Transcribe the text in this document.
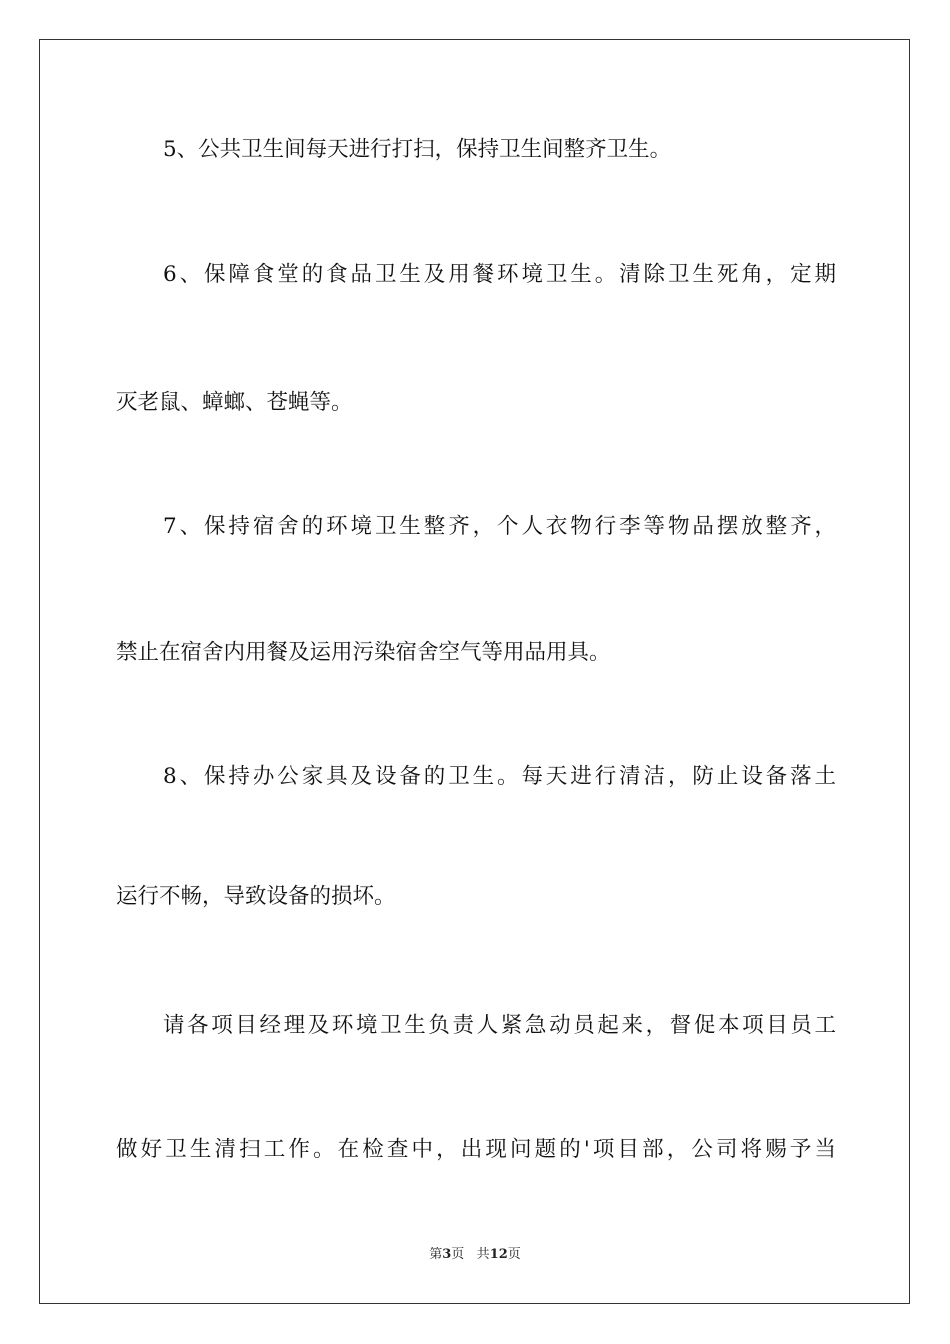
5、公共卫生间每天进行打扫，保持卫生间整齐卫生。
6、保障食堂的食品卫生及用餐环境卫生。清除卫生死角，定期
灭老鼠、蟑螂、苍蝇等。
7、保持宿舍的环境卫生整齐，个人衣物行李等物品摆放整齐，
禁止在宿舍内用餐及运用污染宿舍空气等用品用具。
8、保持办公家具及设备的卫生。每天进行清洁，防止设备落土
运行不畅，导致设备的损坏。
请各项目经理及环境卫生负责人紧急动员起来，督促本项目员工
做好卫生清扫工作。在检查中，出现问题的'项目部，公司将赐予当
第3页 共12页
